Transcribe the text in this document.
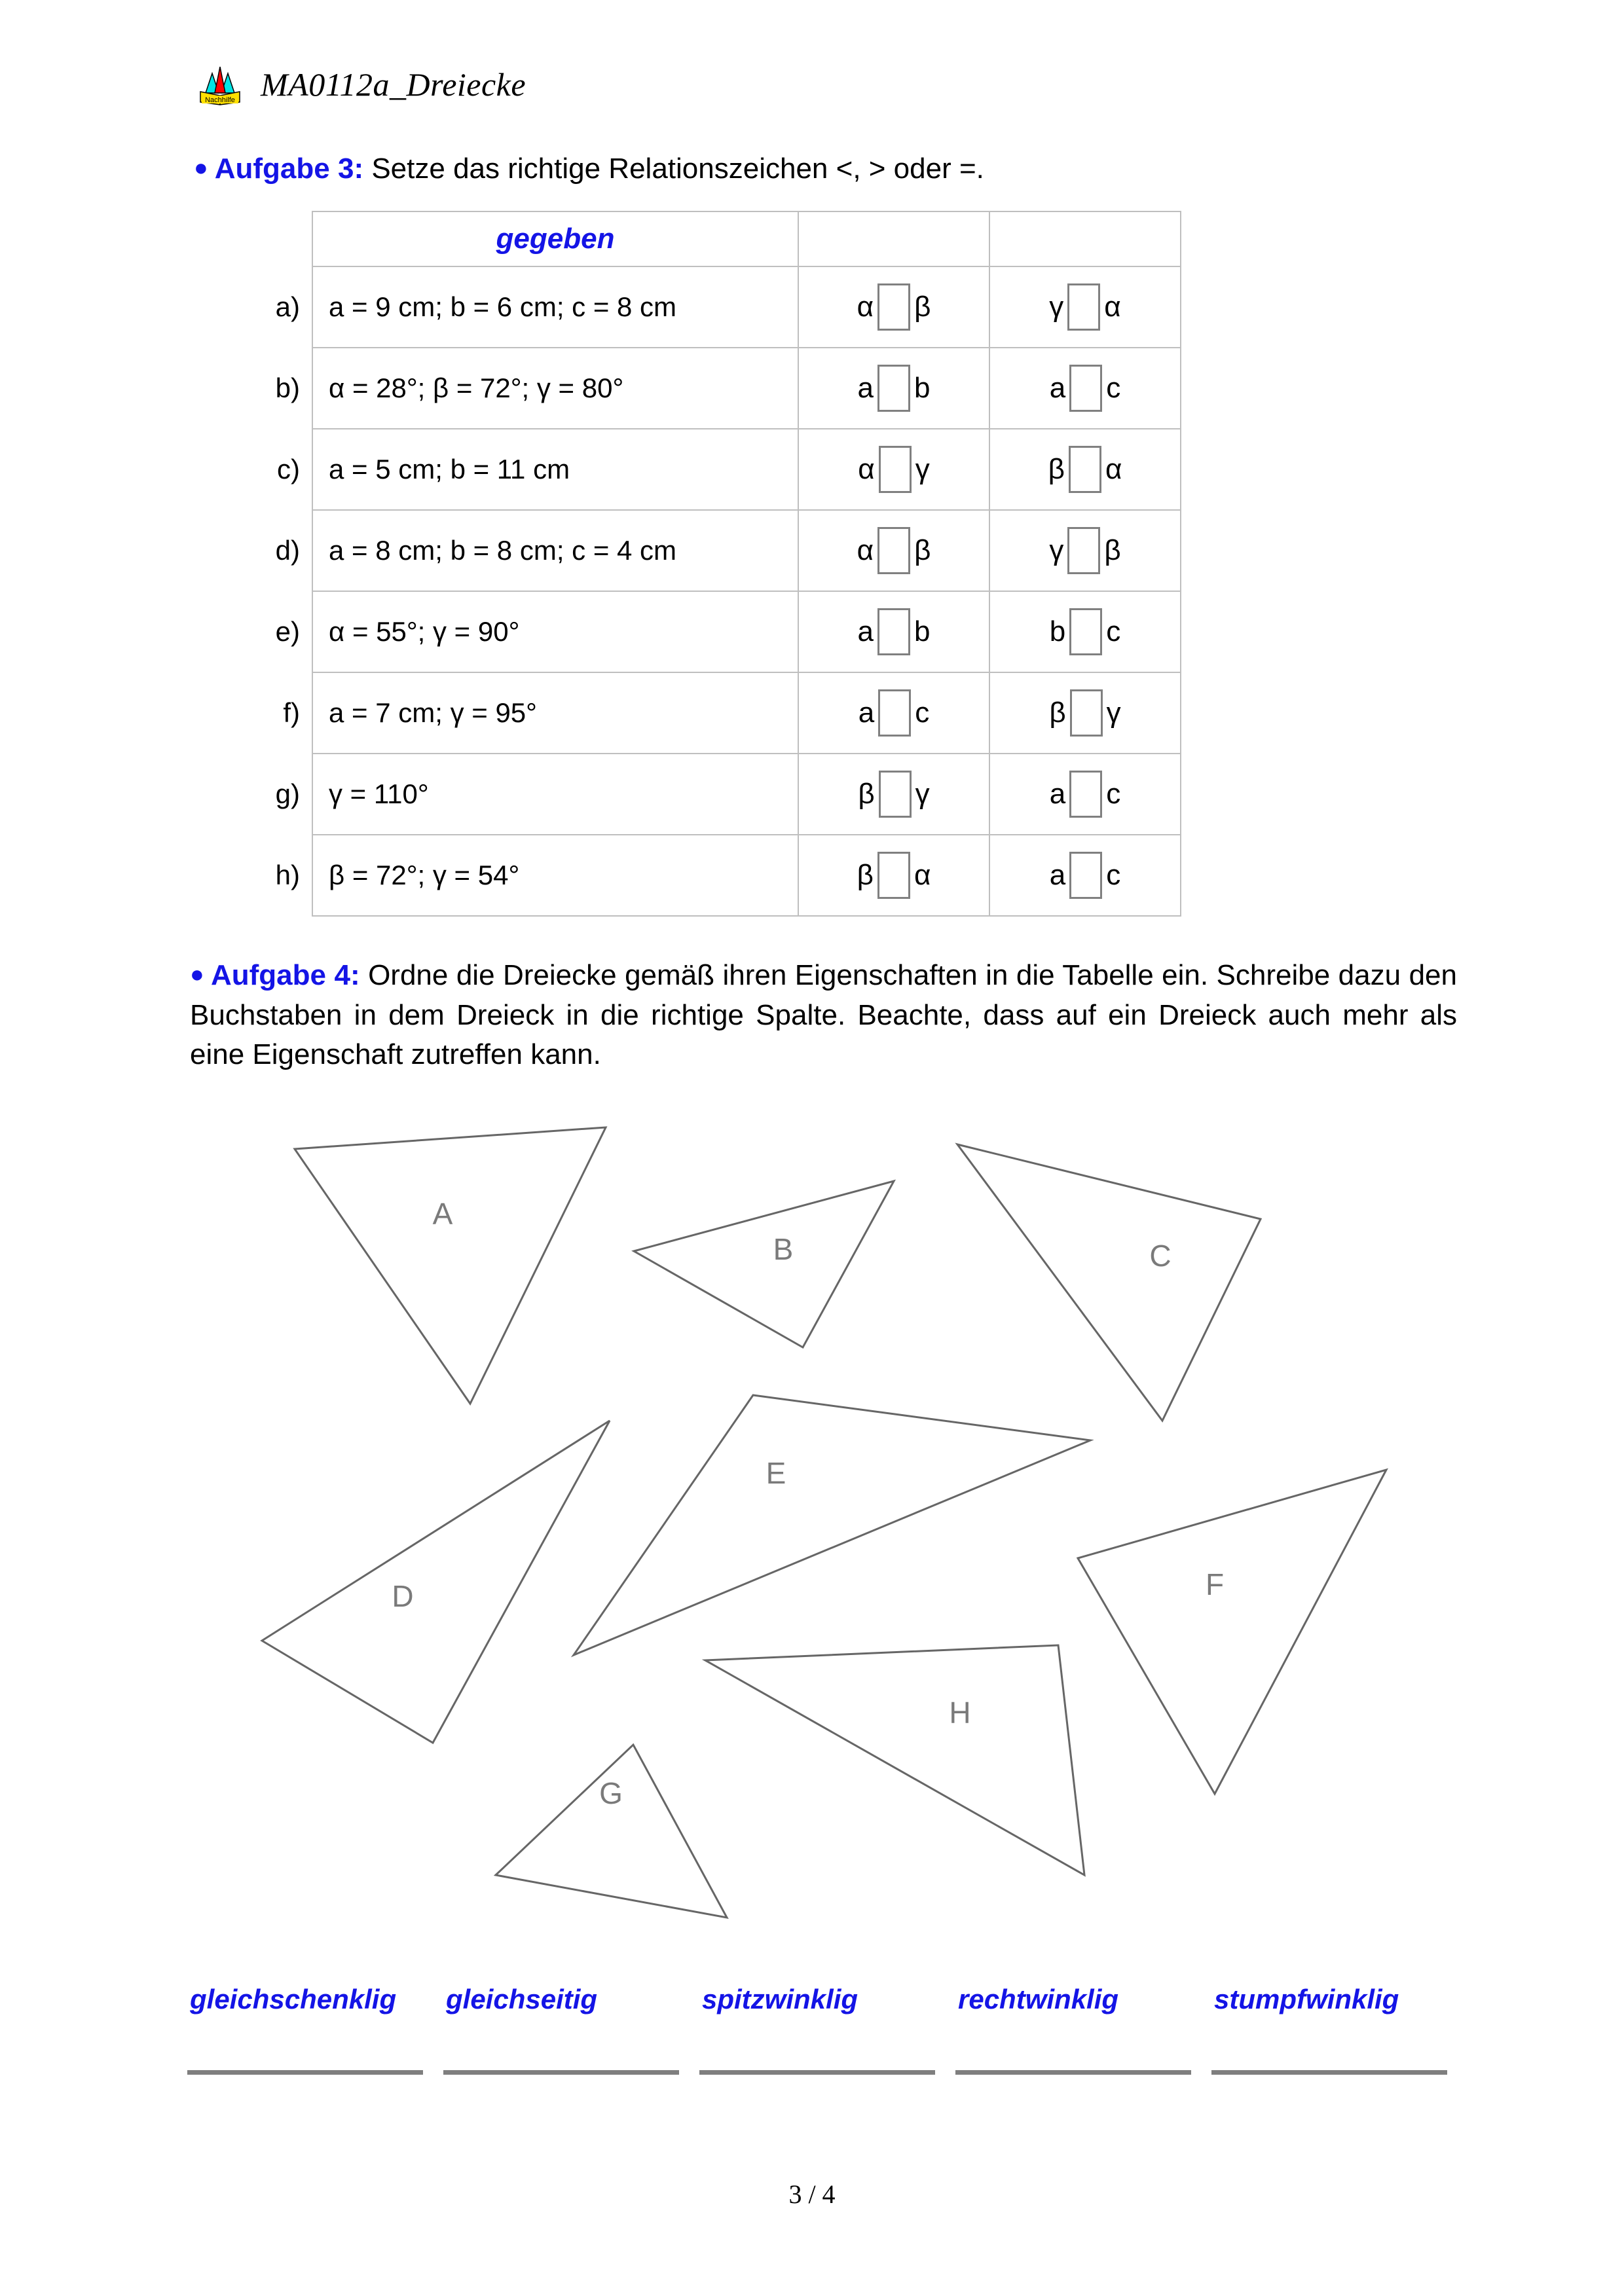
Nachhilfe MA0112a_Dreiecke
● Aufgabe 3: Setze das richtige Relationszeichen <, > oder =.
	gegeben		
a)	a = 9 cm; b = 6 cm; c = 8 cm	α β	γ α
b)	α = 28°; β = 72°; γ = 80°	a b	a c
c)	a = 5 cm; b = 11 cm	α γ	β α
d)	a = 8 cm; b = 8 cm; c = 4 cm	α β	γ β
e)	α = 55°; γ = 90°	a b	b c
f)	a = 7 cm; γ = 95°	a c	β γ
g)	γ = 110°	β γ	a c
h)	β = 72°; γ = 54°	β α	a c
● Aufgabe 4: Ordne die Dreiecke gemäß ihren Eigenschaften in die Tabelle ein. Schreibe dazu den Buchstaben in dem Dreieck in die richtige Spalte. Beachte, dass auf ein Dreieck auch mehr als eine Eigenschaft zutreffen kann.
A
B	C
D
E
F
G
H
gleichschenklig gleichseitig	spitzwinklig	rechtwinklig	stumpfwinklig
3 / 4
